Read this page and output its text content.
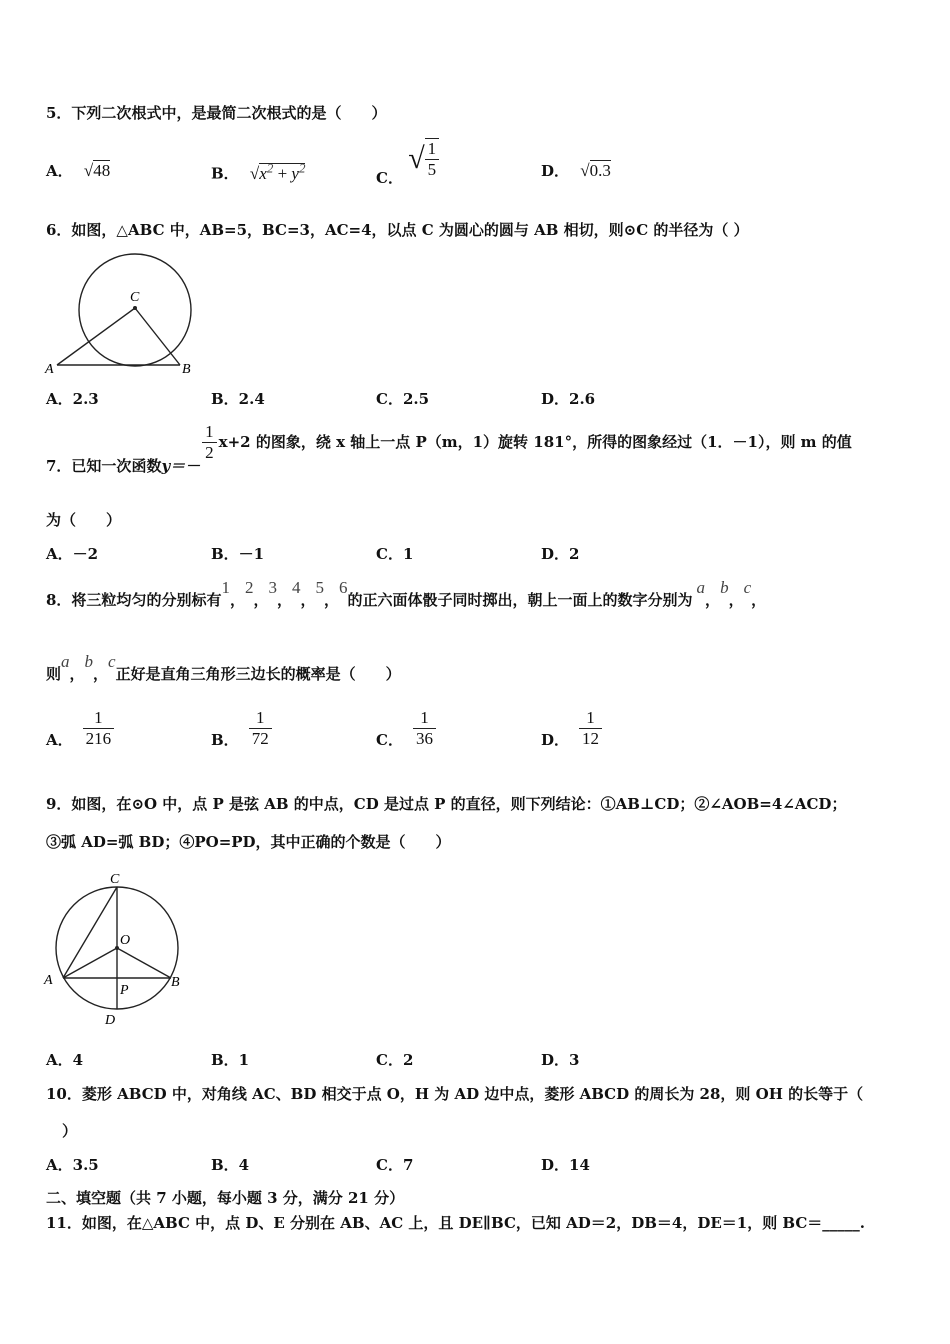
5．下列二次根式中，是最简二次根式的是（　　）
A． √48	B． $√x^2 + y^2$
C． √ $\frac{1}{5}$	D． √0.3
6．如图，△ABC 中，AB=5，BC=3，AC=4，以点 C 为圆心的圆与 AB 相切，则⊙C 的半径为（ ）
C
A	B
A．2.3	B．2.4	C．2.5	D．2.6
7．已知一次函数y＝－
$\frac{1}{2} x+2$ 的图象，绕 x 轴上一点 P（m，1）旋转 181°，所得的图象经过（1．－1），则 m 的值
为（　　）
A．－2	B．－1	C．1	D．2
8．将三粒均匀的分别标有1，2，3，4，5，6的正六面体骰子同时掷出，朝上一面上的数字分别为a，b，c，
则a，b，c正好是直角三角形三边长的概率是（　　）
A． $\frac{1}{216}$	B． $\frac{1}{72}$	C． $\frac{1}{36}$	D． $\frac{1}{12}$
9．如图，在⊙O 中，点 P 是弦 AB 的中点，CD 是过点 P 的直径，则下列结论：①AB⊥CD；②∠AOB=4∠ACD；
③弧 AD=弧 BD；④PO=PD，其中正确的个数是（　　）
C
O
A	B
P
D
A．4	B．1	C．2	D．3
10．菱形 ABCD 中，对角线 AC、BD 相交于点 O，H 为 AD 边中点，菱形 ABCD 的周长为 28，则 OH 的长等于（
）
A．3.5	B．4	C．7	D．14
二、填空题（共 7 小题，每小题 3 分，满分 21 分）
11．如图，在△ABC 中，点 D、E 分别在 AB、AC 上，且 DE∥BC，已知 AD＝2，DB＝4，DE＝1，则 BC＝_____.
